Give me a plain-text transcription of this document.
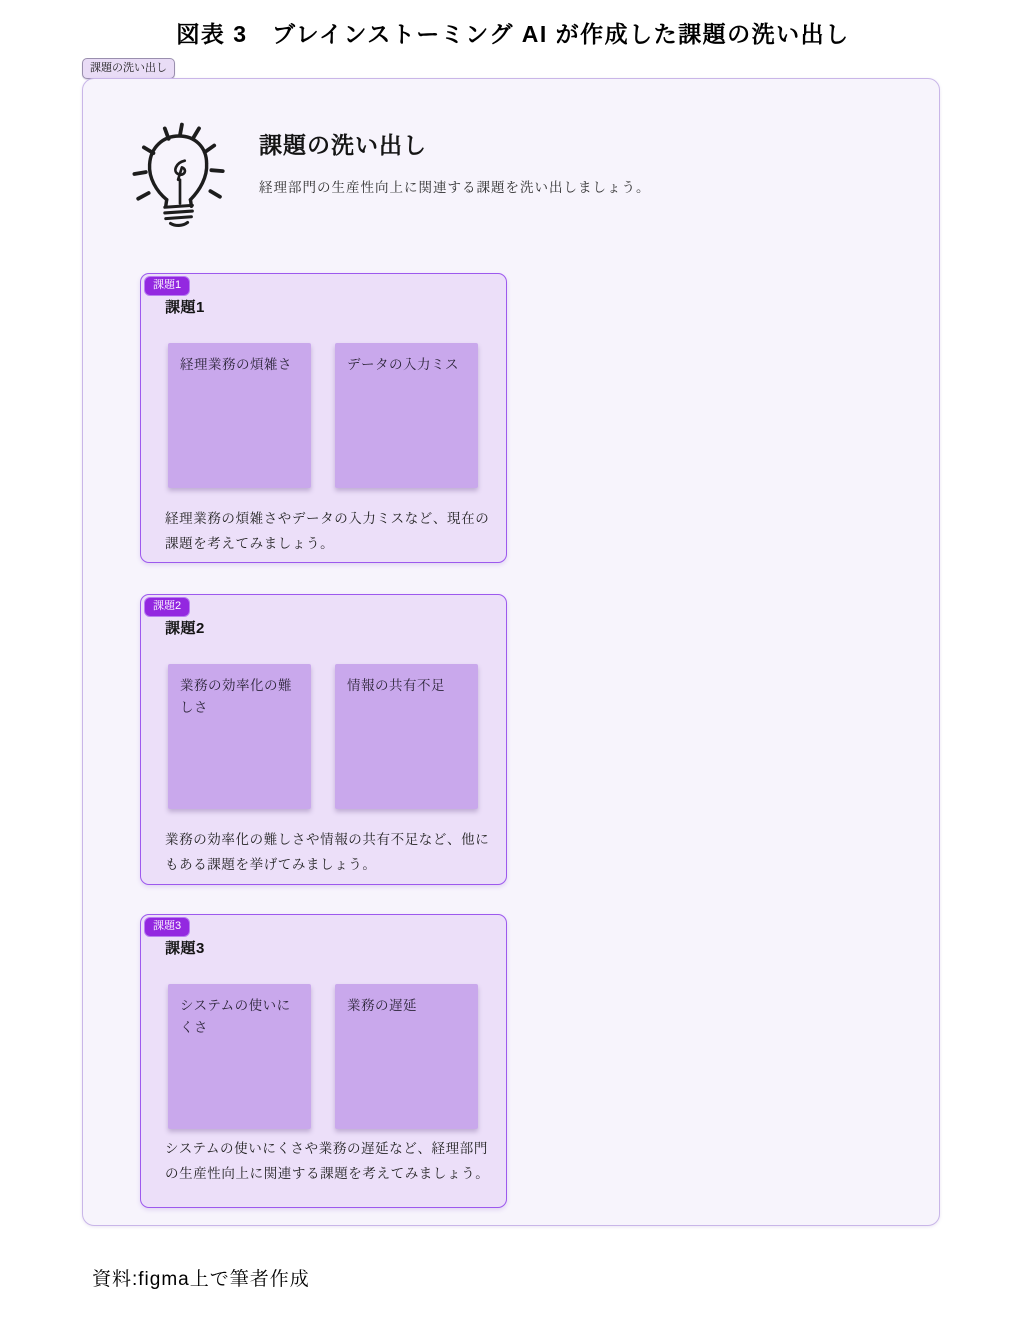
図表 3　ブレインストーミング AI が作成した課題の洗い出し
課題の洗い出し
課題の洗い出し
経理部門の生産性向上に関連する課題を洗い出しましょう。
課題1
課題1
経理業務の煩雑さ	データの入力ミス
経理業務の煩雑さやデータの入力ミスなど、現在の課題を考えてみましょう。
課題2
課題2
業務の効率化の難しさ
情報の共有不足
業務の効率化の難しさや情報の共有不足など、他にもある課題を挙げてみましょう。
課題3
課題3
システムの使いにくさ
業務の遅延
システムの使いにくさや業務の遅延など、経理部門の生産性向上に関連する課題を考えてみましょう。
資料:figma上で筆者作成
